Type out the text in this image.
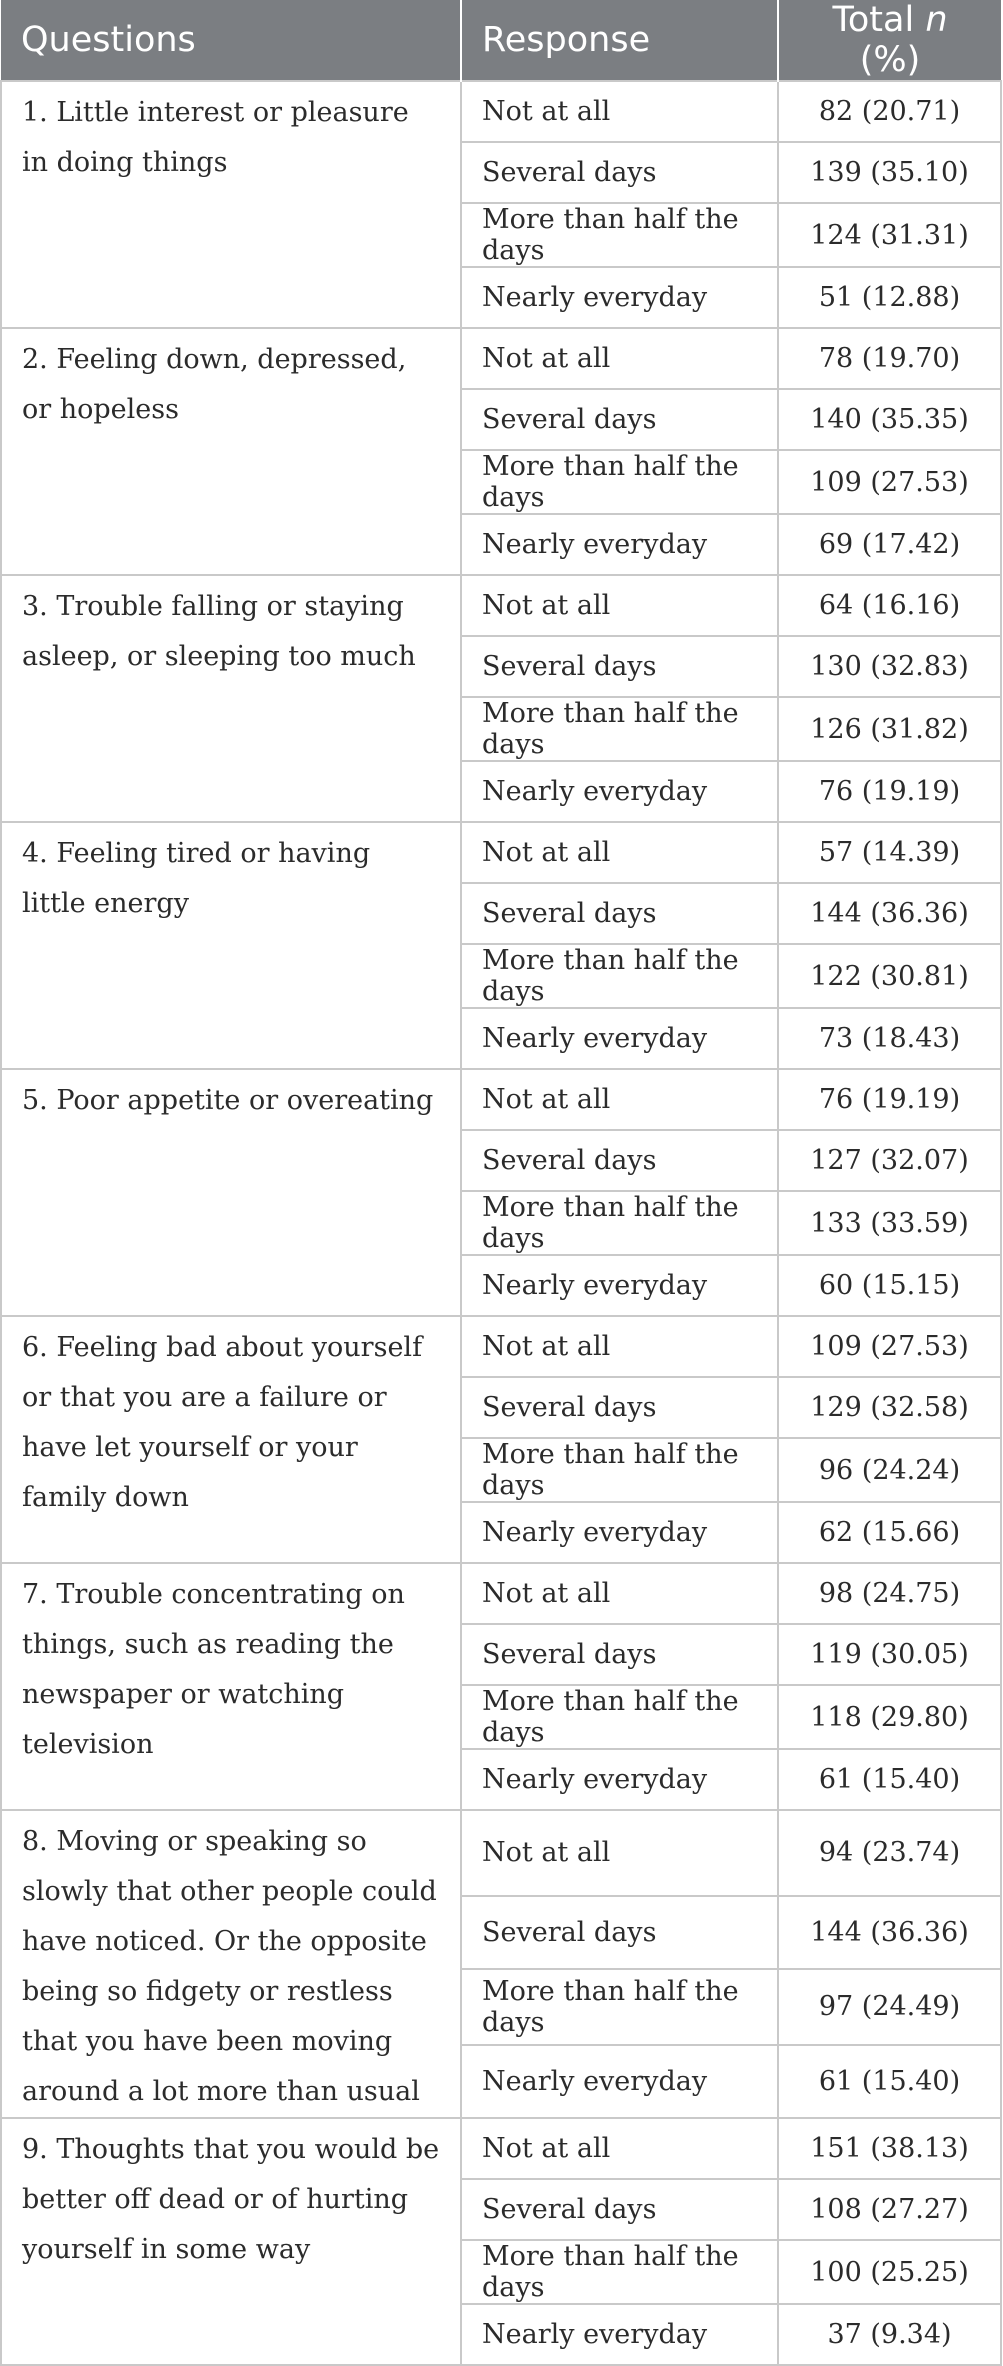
Questions	Response	Total n (%)
1. Little interest or pleasure in doing things	Not at all	82 (20.71)
	Several days	139 (35.10)
	More than half the days	124 (31.31)
	Nearly everyday	51 (12.88)
2. Feeling down, depressed, or hopeless	Not at all	78 (19.70)
	Several days	140 (35.35)
	More than half the days	109 (27.53)
	Nearly everyday	69 (17.42)
3. Trouble falling or staying asleep, or sleeping too much	Not at all	64 (16.16)
	Several days	130 (32.83)
	More than half the days	126 (31.82)
	Nearly everyday	76 (19.19)
4. Feeling tired or having little energy	Not at all	57 (14.39)
	Several days	144 (36.36)
	More than half the days	122 (30.81)
	Nearly everyday	73 (18.43)
5. Poor appetite or overeating	Not at all	76 (19.19)
	Several days	127 (32.07)
	More than half the days	133 (33.59)
	Nearly everyday	60 (15.15)
6. Feeling bad about yourself or that you are a failure or have let yourself or your family down	Not at all	109 (27.53)
	Several days	129 (32.58)
	More than half the days	96 (24.24)
	Nearly everyday	62 (15.66)
7. Trouble concentrating on things, such as reading the newspaper or watching television	Not at all	98 (24.75)
	Several days	119 (30.05)
	More than half the days	118 (29.80)
	Nearly everyday	61 (15.40)
8. Moving or speaking so slowly that other people could have noticed. Or the opposite being so fidgety or restless that you have been moving around a lot more than usual	Not at all	94 (23.74)
	Several days	144 (36.36)
	More than half the days	97 (24.49)
	Nearly everyday	61 (15.40)
9. Thoughts that you would be better off dead or of hurting yourself in some way	Not at all	151 (38.13)
	Several days	108 (27.27)
	More than half the days	100 (25.25)
	Nearly everyday	37 (9.34)
